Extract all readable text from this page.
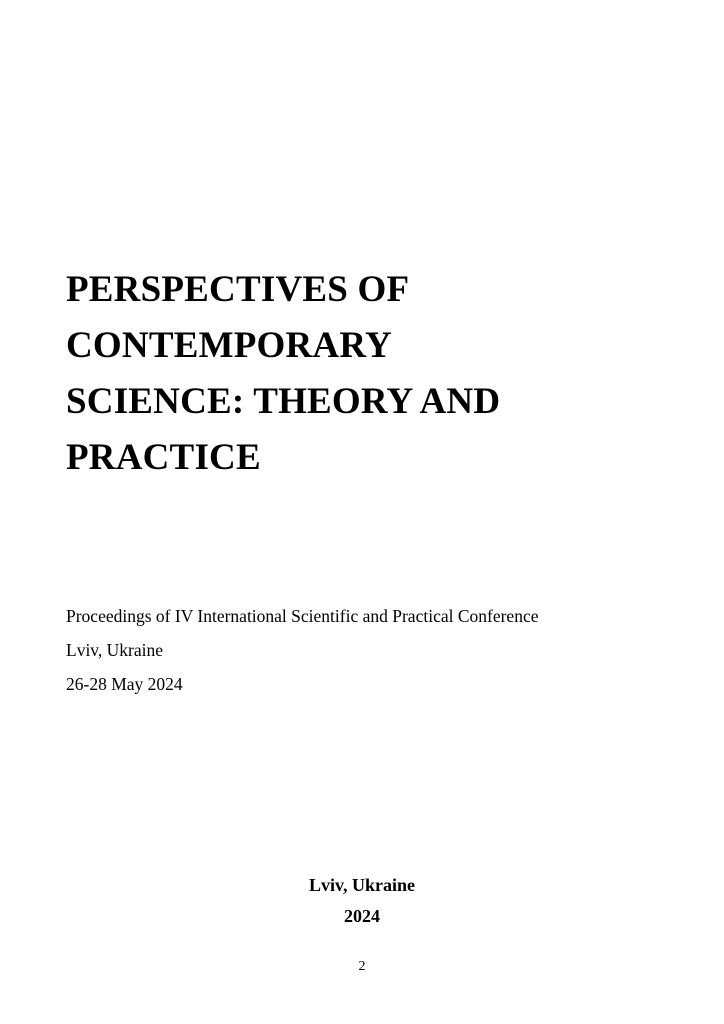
PERSPECTIVES OF
CONTEMPORARY
SCIENCE: THEORY AND
PRACTICE
Proceedings of IV International Scientific and Practical Conference
Lviv, Ukraine
26-28 May 2024
Lviv, Ukraine
2024
2
